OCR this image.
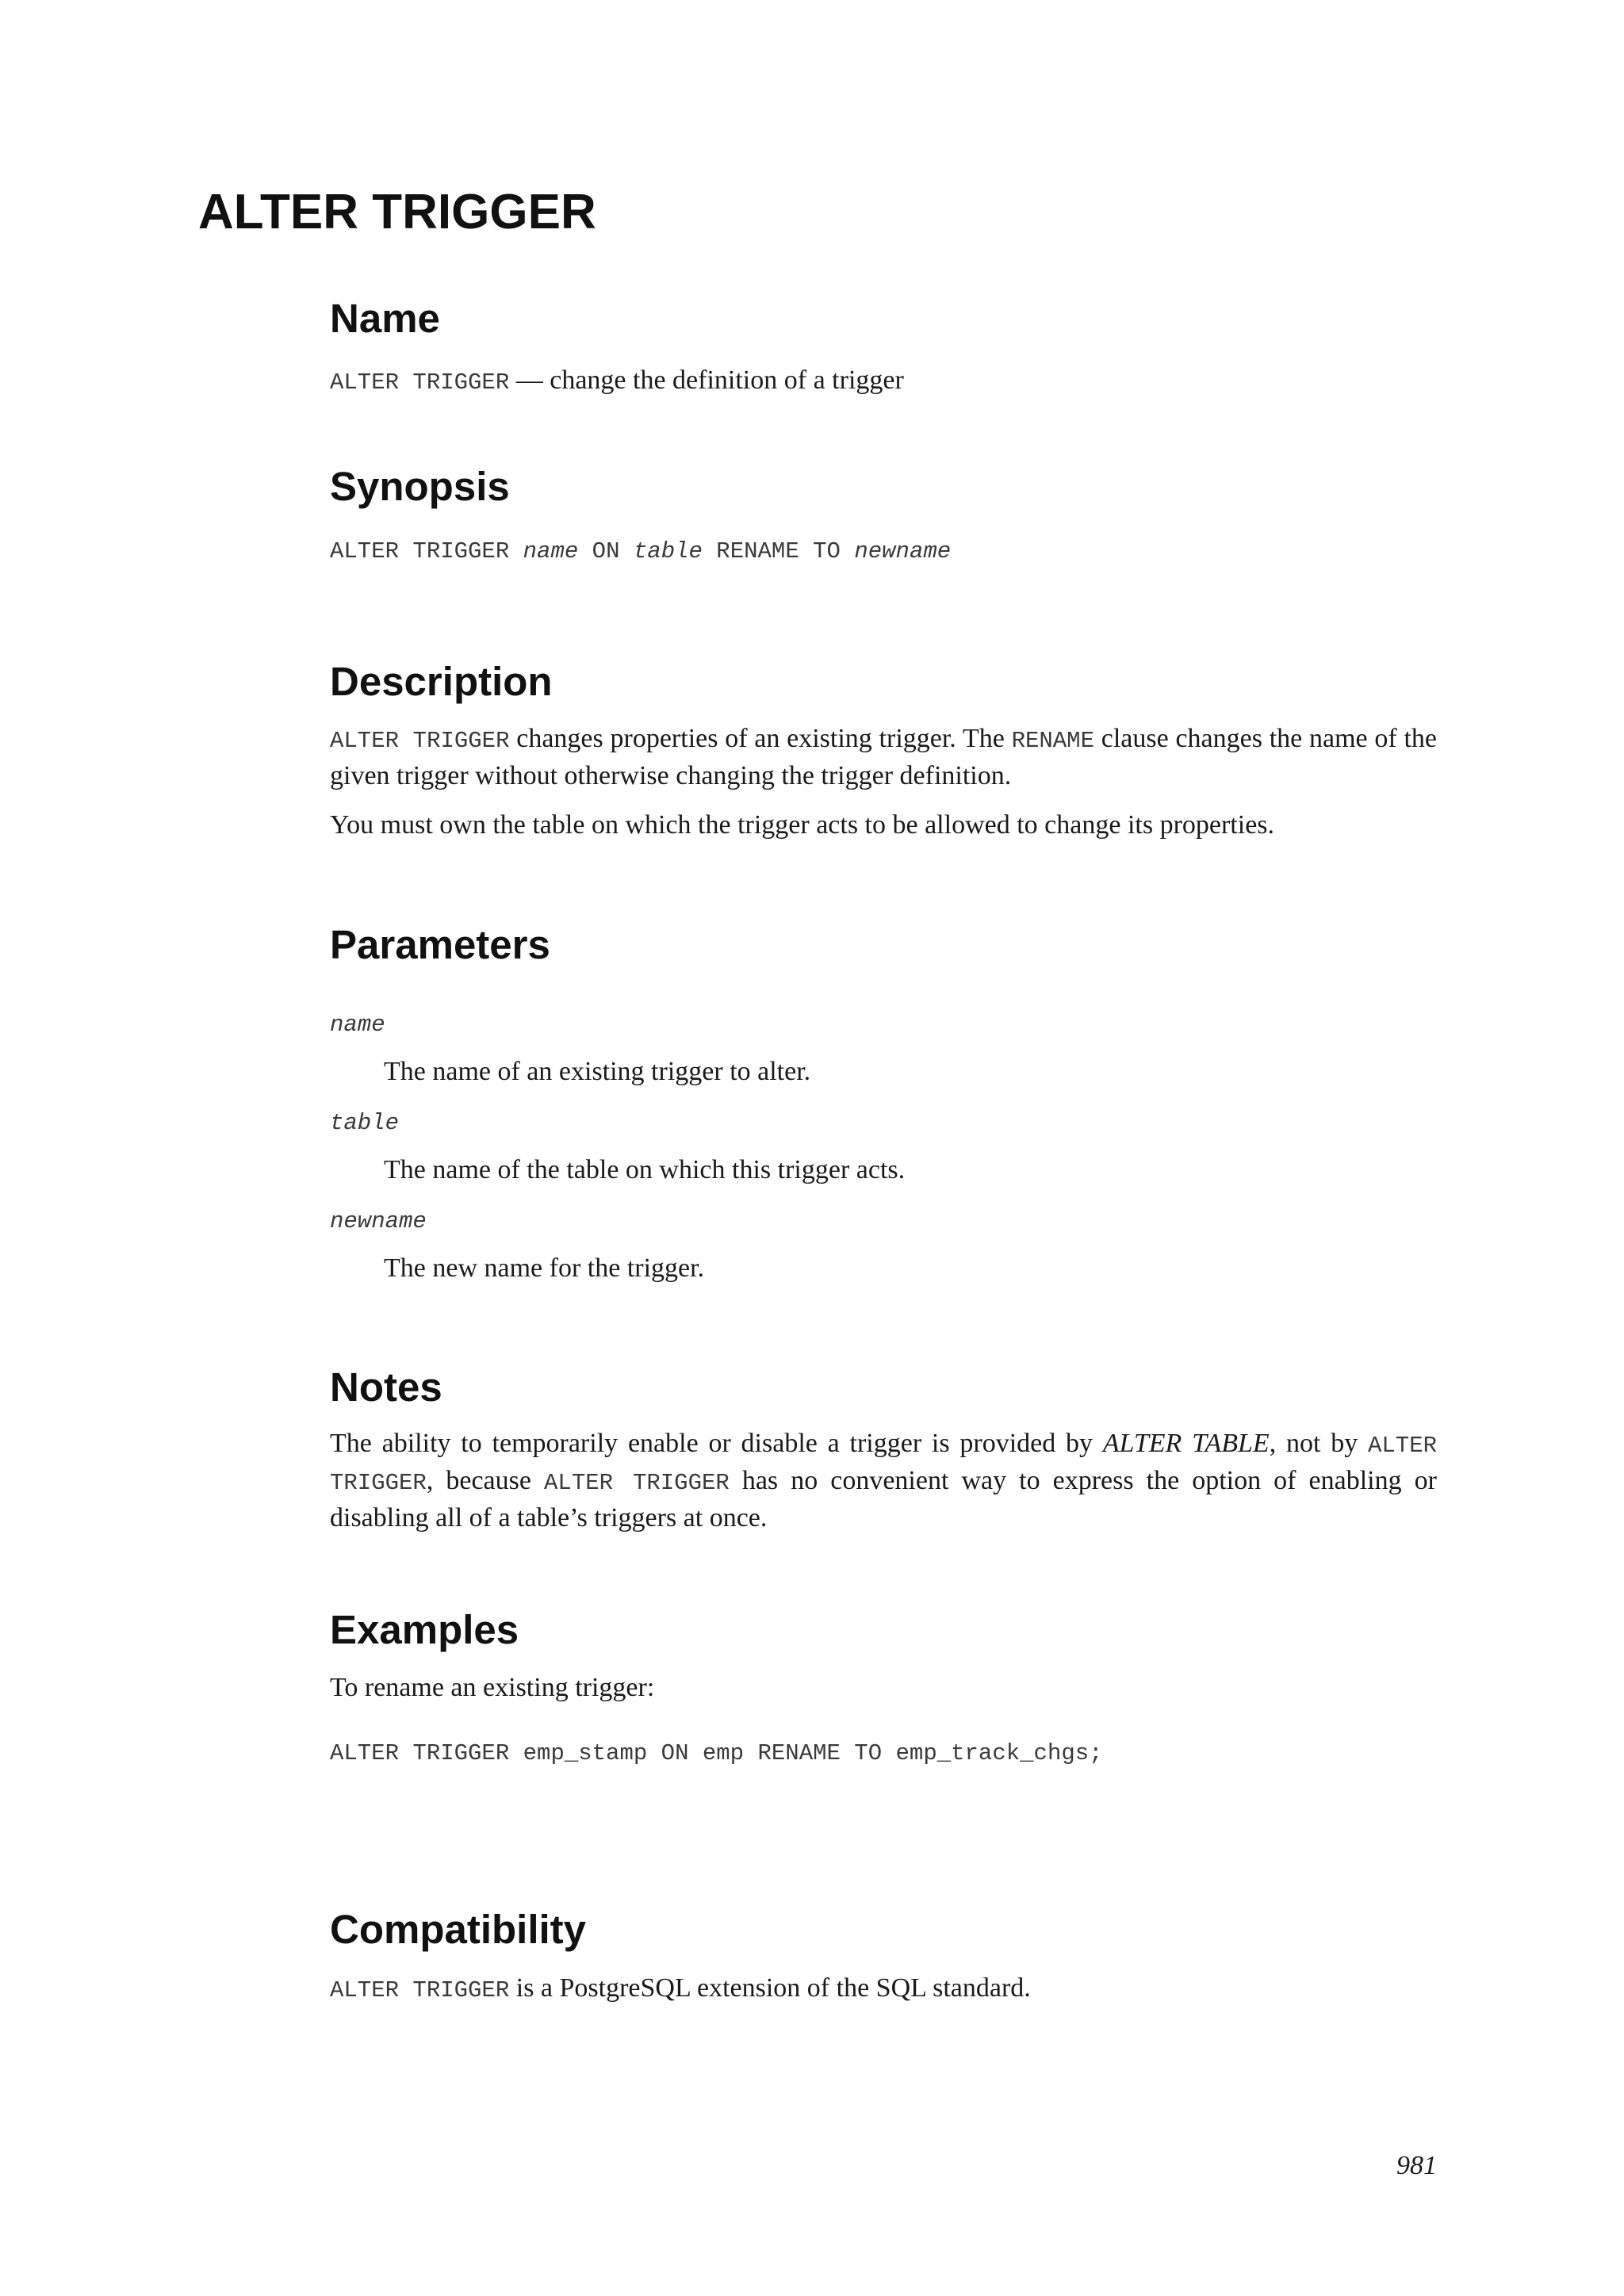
ALTER TRIGGER
Name

ALTER TRIGGER — change the definition of a trigger

Synopsis

ALTER TRIGGER name ON table RENAME TO newname

Description

ALTER TRIGGER changes properties of an existing trigger. The RENAME clause changes the name of the given trigger without otherwise changing the trigger definition.

You must own the table on which the trigger acts to be allowed to change its properties.

Parameters

name

The name of an existing trigger to alter.

table

The name of the table on which this trigger acts.

newname

The new name for the trigger.

Notes

The ability to temporarily enable or disable a trigger is provided by ALTER TABLE, not by ALTER TRIGGER, because ALTER TRIGGER has no convenient way to express the option of enabling or disabling all of a table’s triggers at once.

Examples

To rename an existing trigger:

ALTER TRIGGER emp_stamp ON emp RENAME TO emp_track_chgs;

Compatibility

ALTER TRIGGER is a PostgreSQL extension of the SQL standard.

981
